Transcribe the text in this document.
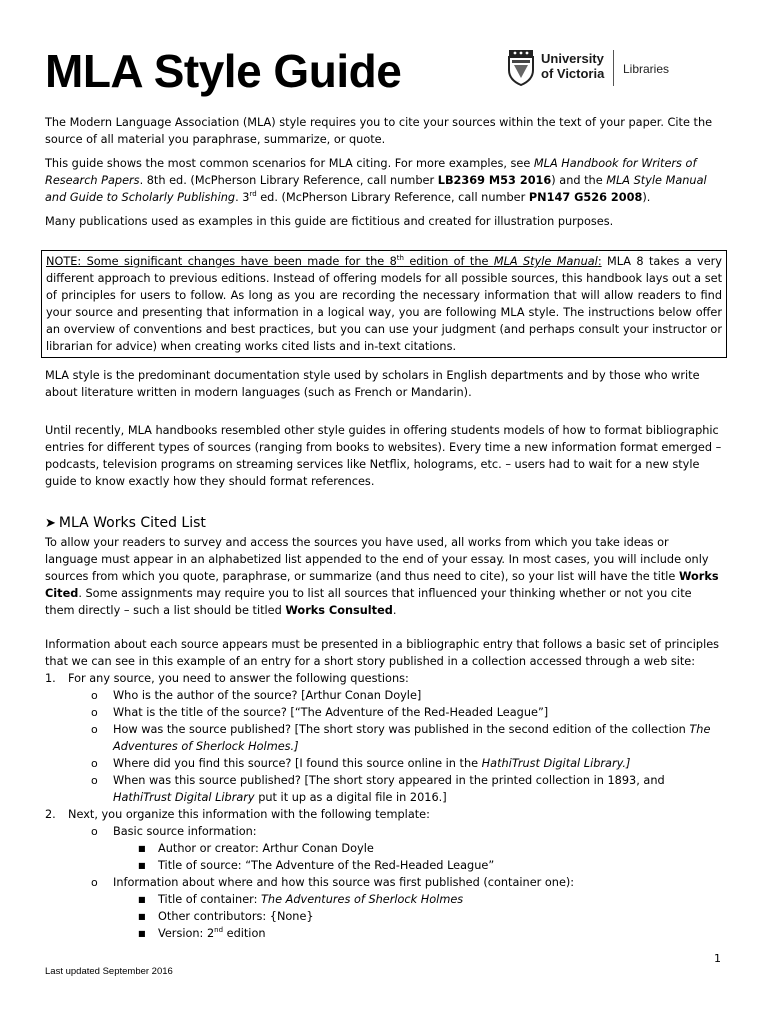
MLA Style Guide	University
of Victoria Libraries

The Modern Language Association (MLA) style requires you to cite your sources within the text of your paper. Cite the source of all material you paraphrase, summarize, or quote.

This guide shows the most common scenarios for MLA citing. For more examples, see MLA Handbook for Writers of Research Papers. 8th ed. (McPherson Library Reference, call number LB2369 M53 2016) and the MLA Style Manual and Guide to Scholarly Publishing. 3rd ed. (McPherson Library Reference, call number PN147 G526 2008).

Many publications used as examples in this guide are fictitious and created for illustration purposes.

NOTE: Some significant changes have been made for the 8th edition of the MLA Style Manual: MLA 8 takes a very different approach to previous editions. Instead of offering models for all possible sources, this handbook lays out a set of principles for users to follow. As long as you are recording the necessary information that will allow readers to find your source and presenting that information in a logical way, you are following MLA style. The instructions below offer an overview of conventions and best practices, but you can use your judgment (and perhaps consult your instructor or librarian for advice) when creating works cited lists and in-text citations.

MLA style is the predominant documentation style used by scholars in English departments and by those who write about literature written in modern languages (such as French or Mandarin).

Until recently, MLA handbooks resembled other style guides in offering students models of how to format bibliographic entries for different types of sources (ranging from books to websites). Every time a new information format emerged – podcasts, television programs on streaming services like Netflix, holograms, etc. – users had to wait for a new style guide to know exactly how they should format references.

➤ MLA Works Cited List

To allow your readers to survey and access the sources you have used, all works from which you take ideas or language must appear in an alphabetized list appended to the end of your essay. In most cases, you will include only sources from which you quote, paraphrase, or summarize (and thus need to cite), so your list will have the title Works Cited. Some assignments may require you to list all sources that influenced your thinking whether or not you cite them directly – such a list should be titled Works Consulted.

Information about each source appears must be presented in a bibliographic entry that follows a basic set of principles that we can see in this example of an entry for a short story published in a collection accessed through a web site:

1. For any source, you need to answer the following questions:
o Who is the author of the source? [Arthur Conan Doyle]
o What is the title of the source? [“The Adventure of the Red-Headed League”]
o How was the source published? [The short story was published in the second edition of the collection The Adventures of Sherlock Holmes.]
o Where did you find this source? [I found this source online in the HathiTrust Digital Library.]
o When was this source published? [The short story appeared in the printed collection in 1893, and HathiTrust Digital Library put it up as a digital file in 2016.]
2. Next, you organize this information with the following template:
o Basic source information:
■ Author or creator: Arthur Conan Doyle
■ Title of source: “The Adventure of the Red-Headed League”
o Information about where and how this source was first published (container one):
■ Title of container: The Adventures of Sherlock Holmes
■ Other contributors: {None}
■ Version: 2nd edition
1
Last updated September 2016
